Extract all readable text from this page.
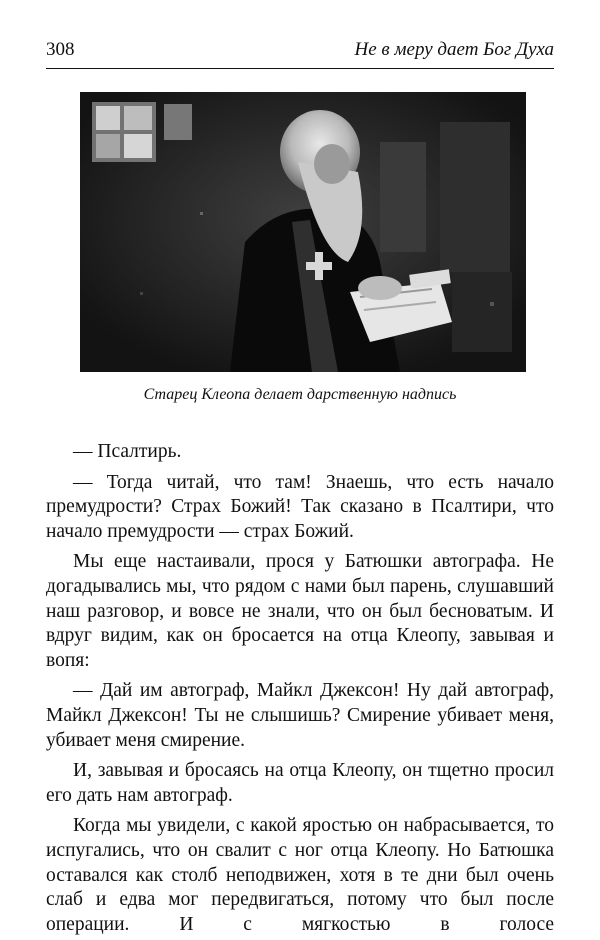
308	Не в меру дает Бог Духа
Старец Клеопа делает дарственную надпись

— Псалтирь.

— Тогда читай, что там! Знаешь, что есть начало премудрости? Страх Божий! Так сказано в Псалтири, что начало премудрости — страх Божий.

Мы еще настаивали, прося у Батюшки автографа. Не догадывались мы, что рядом с нами был парень, слушавший наш разговор, и вовсе не знали, что он был бесноватым. И вдруг видим, как он бросается на отца Клеопу, завывая и вопя:

— Дай им автограф, Майкл Джексон! Ну дай автограф, Майкл Джексон! Ты не слышишь? Смирение убивает меня, убивает меня смирение.

И, завывая и бросаясь на отца Клеопу, он тщетно просил его дать нам автограф.

Когда мы увидели, с какой яростью он набрасывается, то испугались, что он свалит с ног отца Клеопу. Но Батюшка оставался как столб неподвижен, хотя в те дни был очень слаб и едва мог передвигаться, потому что был после операции. И с мягкостью в голосе
